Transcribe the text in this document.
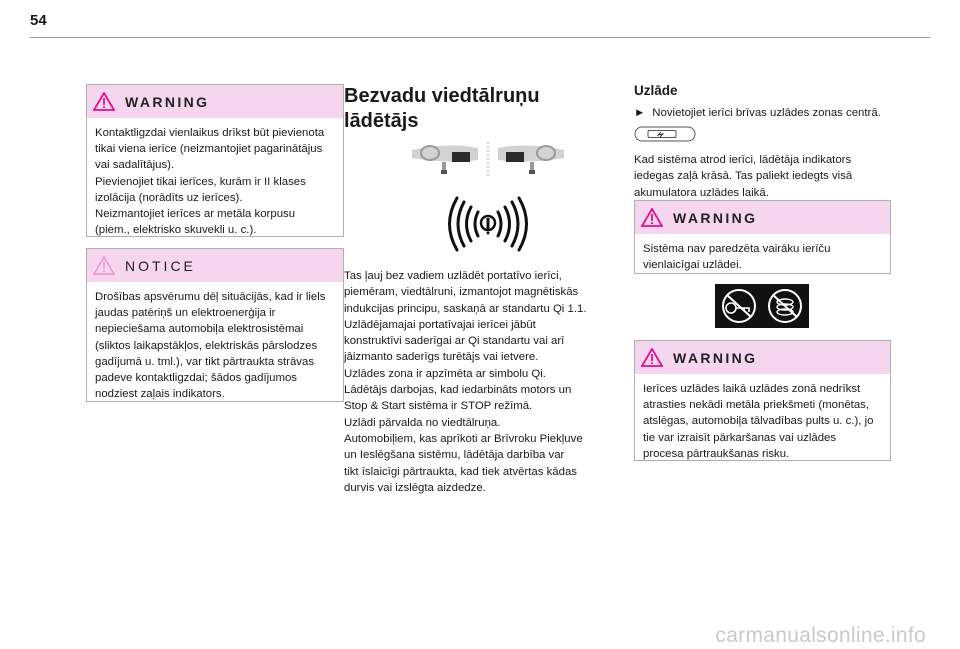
54
WARNING

Kontaktligzdai vienlaikus drīkst būt pievienota

tikai viena ierīce (neizmantojiet pagarinātājus

vai sadalītājus).

Pievienojiet tikai ierīces, kurām ir II klases

izolācija (norādīts uz ierīces).

Neizmantojiet ierīces ar metāla korpusu

(piem., elektrisko skuvekli u. c.).

NOTICE

Drošības apsvērumu dēļ situācijās, kad ir liels

jaudas patēriņš un elektroenerģija ir

nepieciešama automobiļa elektrosistēmai

(sliktos laikapstākļos, elektriskās pārslodzes

gadījumā u. tml.), var tikt pārtraukta strāvas

padeve kontaktligzdai; šādos gadījumos

nodziest zaļais indikators.

Bezvadu viedtālruņu
lādētājs

Tas ļauj bez vadiem uzlādēt portatīvo ierīci,

piemēram, viedtālruni, izmantojot magnētiskās

indukcijas principu, saskaņā ar standartu Qi 1.1.

Uzlādējamajai portatīvajai ierīcei jābūt

konstruktīvi saderīgai ar Qi standartu vai arī

jāizmanto saderīgs turētājs vai ietvere.

Uzlādes zona ir apzīmēta ar simbolu Qi.

Lādētājs darbojas, kad iedarbināts motors un

Stop & Start sistēma ir STOP režīmā.

Uzlādi pārvalda no viedtālruņa.

Automobiļiem, kas aprīkoti ar Brīvroku Piekļuve

un Ieslēgšana sistēmu, lādētāja darbība var

tikt īslaicīgi pārtraukta, kad tiek atvērtas kādas

durvis vai izslēgta aizdedze.

Uzlāde
► Novietojiet ierīci brīvas uzlādes zonas centrā.

Kad sistēma atrod ierīci, lādētāja indikators

iedegas zaļā krāsā. Tas paliekt iedegts visā

akumulatora uzlādes laikā.

WARNING

Sistēma nav paredzēta vairāku ierīču

vienlaicīgai uzlādei.

WARNING

Ierīces uzlādes laikā uzlādes zonā nedrīkst

atrasties nekādi metāla priekšmeti (monētas,

atslēgas, automobiļa tālvadības pults u. c.), jo

tie var izraisīt pārkaršanas vai uzlādes

procesa pārtraukšanas risku.

carmanualsonline.info
